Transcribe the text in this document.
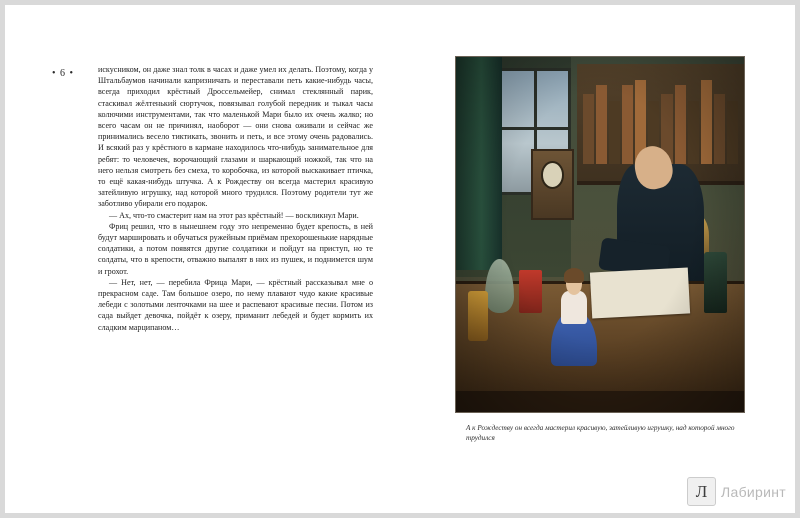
• 6 •	искусником, он даже знал толк в часах и даже умел их делать. Поэтому, когда у Штальбаумов начинали капризничать и переставали петь какие-нибудь часы, всегда приходил крёстный Дроссельмейер, снимал стеклянный парик, стаскивал жёлтенький сюртучок, повязывал голубой передник и тыкал часы колючими инструментами, так что маленькой Мари было их очень жалко; но всего часам он не причинял, наоборот — они снова оживали и сейчас же принимались весело тиктикать, звонить и петь, и все этому очень радовались. И всякий раз у крёстного в кармане находилось что-нибудь занимательное для ребят: то человечек, ворочающий глазами и шаркающий ножкой, так что на него нельзя смотреть без смеха, то коробочка, из которой выскакивает птичка, то ещё какая-нибудь штучка. А к Рождеству он всегда мастерил красивую затейливую игрушку, над которой много трудился. Поэтому родители тут же заботливо убирали его подарок.

— Ах, что-то смастерит нам на этот раз крёстный! — воскликнул Мари.

Фриц решил, что в нынешнем году это непременно будет крепость, в ней будут маршировать и обучаться ружейным приёмам прехорошенькие нарядные солдатики, а потом появятся другие солдатики и пойдут на приступ, но те солдаты, что в крепости, отважно выпалят в них из пушек, и поднимется шум и грохот.

— Нет, нет, — перебила Фрица Мари, — крёстный рассказывал мне о прекрасном саде. Там большое озеро, по нему плавают чудо какие красивые лебеди с золотыми ленточками на шее и распевают красивые песни. Потом из сада выйдет девочка, пойдёт к озеру, приманит лебедей и будет кормить их сладким марципаном…

А к Рождеству он всегда мастерил красивую, затейливую игрушку, над которой много трудился
Л Лабиринт
